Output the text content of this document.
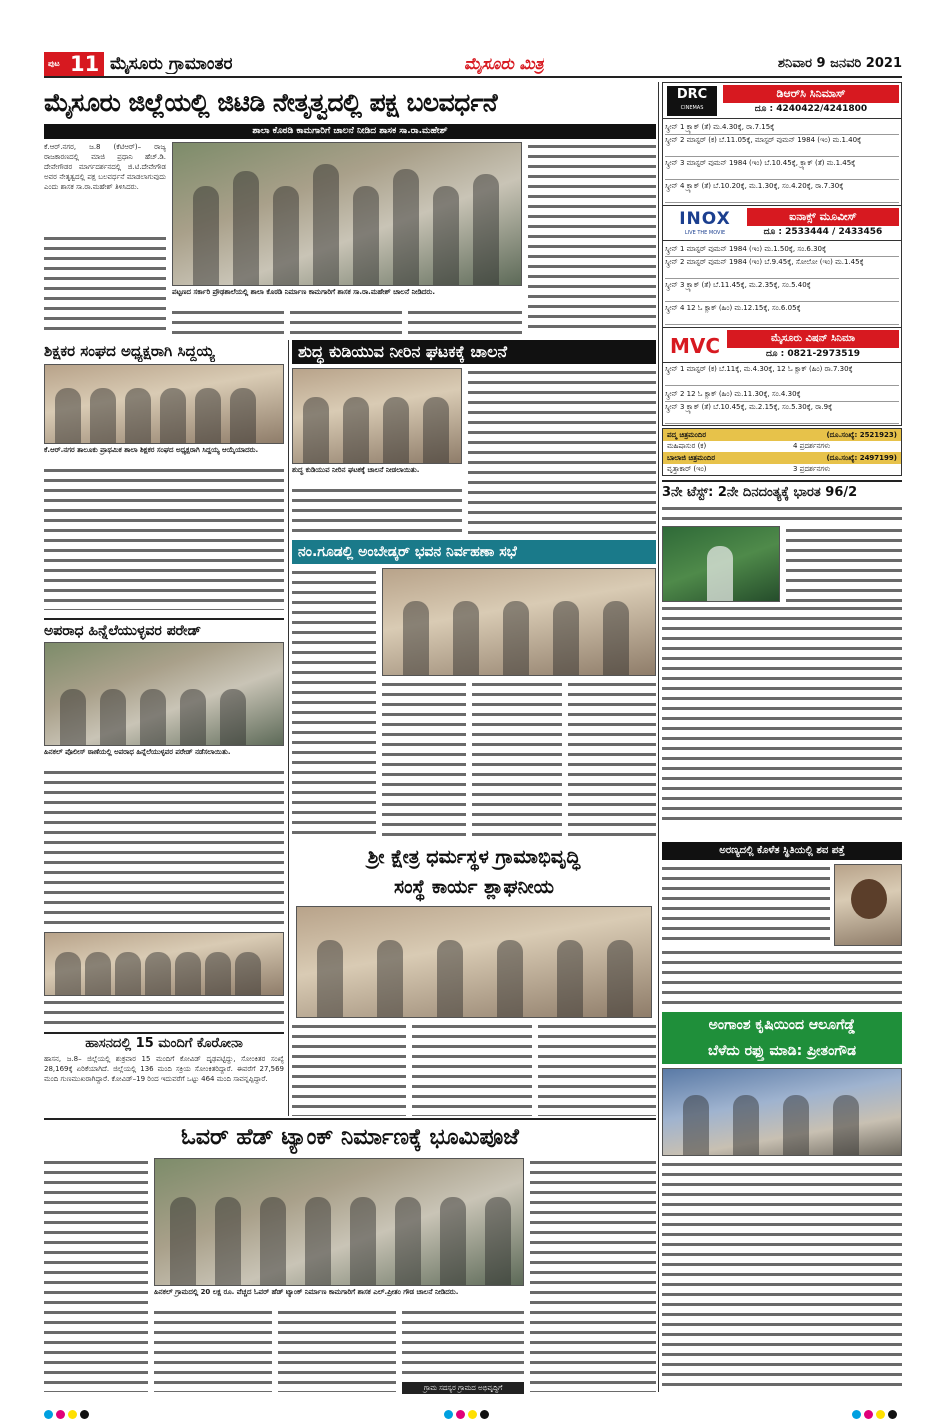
ಪುಟ 11 ಮೈಸೂರು ಗ್ರಾಮಾಂತರ	ಮೈಸೂರು ಮಿತ್ರ	ಶನಿವಾರ 9 ಜನವರಿ 2021
ಮೈಸೂರು ಜಿಲ್ಲೆಯಲ್ಲಿ ಜಿಟಿಡಿ ನೇತೃತ್ವದಲ್ಲಿ ಪಕ್ಷ ಬಲವರ್ಧನೆ
ಶಾಲಾ ಕೊಠಡಿ ಕಾಮಗಾರಿಗೆ ಚಾಲನೆ ನೀಡಿದ ಶಾಸಕ ಸಾ.ರಾ.ಮಹೇಶ್
ಕೆ.ಆರ್.ನಗರ, ಜ.8 (ಕೆಟಿಆರ್)– ರಾಜ್ಯ ರಾಜಕಾರಣದಲ್ಲಿ ಮಾಜಿ ಪ್ರಧಾನಿ ಹೆಚ್.ಡಿ. ದೇವೇಗೌಡರ ಮಾರ್ಗದರ್ಶನದಲ್ಲಿ ಜಿ.ಟಿ.ದೇವೇಗೌಡ ಅವರ ನೇತೃತ್ವದಲ್ಲಿ ಪಕ್ಷ ಬಲವರ್ಧನೆ ಮಾಡಲಾಗುವುದು ಎಂದು ಶಾಸಕ ಸಾ.ರಾ.ಮಹೇಶ್ ತಿಳಿಸಿದರು.
ಪಟ್ಟಣದ ಸರ್ಕಾರಿ ಪ್ರೌಢಶಾಲೆಯಲ್ಲಿ ಶಾಲಾ ಕೊಠಡಿ ನಿರ್ಮಾಣ ಕಾಮಗಾರಿಗೆ ಶಾಸಕ ಸಾ.ರಾ.ಮಹೇಶ್ ಚಾಲನೆ ನೀಡಿದರು.
ಶಿಕ್ಷಕರ ಸಂಘದ ಅಧ್ಯಕ್ಷರಾಗಿ ಸಿದ್ದಯ್ಯ
ಕೆ.ಆರ್.ನಗರ ತಾಲೂಕು ಪ್ರಾಥಮಿಕ ಶಾಲಾ ಶಿಕ್ಷಕರ ಸಂಘದ ಅಧ್ಯಕ್ಷರಾಗಿ ಸಿದ್ದಯ್ಯ ಆಯ್ಕೆಯಾದರು.
ಶುದ್ಧ ಕುಡಿಯುವ ನೀರಿನ ಘಟಕಕ್ಕೆ ಚಾಲನೆ
ಶುದ್ಧ ಕುಡಿಯುವ ನೀರಿನ ಘಟಕಕ್ಕೆ ಚಾಲನೆ ನೀಡಲಾಯಿತು.
ನಂ.ಗೂಡಲ್ಲಿ ಅಂಬೇಡ್ಕರ್ ಭವನ ನಿರ್ವಹಣಾ ಸಭೆ
ಅಪರಾಧ ಹಿನ್ನೆಲೆಯುಳ್ಳವರ ಪರೇಡ್
ಹಿನಕಲ್ ಪೊಲೀಸ್ ಠಾಣೆಯಲ್ಲಿ ಅಪರಾಧ ಹಿನ್ನೆಲೆಯುಳ್ಳವರ ಪರೇಡ್ ನಡೆಸಲಾಯಿತು.
ಶ್ರೀ ಕ್ಷೇತ್ರ ಧರ್ಮಸ್ಥಳ ಗ್ರಾಮಾಭಿವೃದ್ಧಿ
ಸಂಸ್ಥೆ ಕಾರ್ಯ ಶ್ಲಾಘನೀಯ
ಹಾಸನದಲ್ಲಿ 15 ಮಂದಿಗೆ ಕೊರೋನಾ
ಹಾಸನ, ಜ.8– ಜಿಲ್ಲೆಯಲ್ಲಿ ಶುಕ್ರವಾರ 15 ಮಂದಿಗೆ ಕೋವಿಡ್ ದೃಢಪಟ್ಟಿದ್ದು, ಸೋಂಕಿತರ ಸಂಖ್ಯೆ 28,169ಕ್ಕೆ ಏರಿಕೆಯಾಗಿದೆ. ಜಿಲ್ಲೆಯಲ್ಲಿ 136 ಮಂದಿ ಸಕ್ರಿಯ ಸೋಂಕಿತರಿದ್ದಾರೆ. ಈವರೆಗೆ 27,569 ಮಂದಿ ಗುಣಮುಖರಾಗಿದ್ದಾರೆ. ಕೋವಿಡ್–19 ರಿಂದ ಇದುವರೆಗೆ ಒಟ್ಟು 464 ಮಂದಿ ಸಾವನ್ನಪ್ಪಿದ್ದಾರೆ.
ಓವರ್ ಹೆಡ್ ಟ್ಯಾಂಕ್ ನಿರ್ಮಾಣಕ್ಕೆ ಭೂಮಿಪೂಜೆ
ಹಿನಕಲ್ ಗ್ರಾಮದಲ್ಲಿ 20 ಲಕ್ಷ ರೂ. ವೆಚ್ಚದ ಓವರ್ ಹೆಡ್ ಟ್ಯಾಂಕ್ ನಿರ್ಮಾಣ ಕಾಮಗಾರಿಗೆ ಶಾಸಕ ಎಲ್.ಪ್ರೀತಂ ಗೌಡ ಚಾಲನೆ ನೀಡಿದರು.
ಗ್ರಾಮ ಸದಸ್ಯರ ಗ್ರಾಮದ ಅಭಿವೃದ್ಧಿಗೆ
DRC
CINEMAS
ಡಿಆರ್‌ಸಿ ಸಿನಿಮಾಸ್
ದೂ : 4240422/4241800
ಸ್ಕ್ರೀನ್ 1 ಕ್ರ್ಯಾಕ್ (ತೆ) ಮ.4.30ಕ್ಕೆ, ರಾ.7.15ಕ್ಕೆ
ಸ್ಕ್ರೀನ್ 2 ಮಾಸ್ಟರ್ (ಕ) ಬೆ.11.05ಕ್ಕೆ, ಮಾಸ್ಟರ್ ವುಮನ್ 1984 (ಇಂ) ಮ.1.40ಕ್ಕೆ
ಸ್ಕ್ರೀನ್ 3 ಮಾಸ್ಟರ್ ವುಮನ್ 1984 (ಇಂ) ಬೆ.10.45ಕ್ಕೆ, ಕ್ರ್ಯಾಕ್ (ತೆ) ಮ.1.45ಕ್ಕೆ
ಸ್ಕ್ರೀನ್ 4 ಕ್ರ್ಯಾಕ್ (ತೆ) ಬೆ.10.20ಕ್ಕೆ, ಮ.1.30ಕ್ಕೆ, ಸಂ.4.20ಕ್ಕೆ, ರಾ.7.30ಕ್ಕೆ
INOX
LIVE THE MOVIE
ಐನಾಕ್ಸ್ ಮೂವೀಸ್
ದೂ : 2533444 / 2433456
ಸ್ಕ್ರೀನ್ 1 ಮಾಸ್ಟರ್ ವುಮನ್ 1984 (ಇಂ) ಮ.1.50ಕ್ಕೆ, ಸಂ.6.30ಕ್ಕೆ
ಸ್ಕ್ರೀನ್ 2 ಮಾಸ್ಟರ್ ವುಮನ್ 1984 (ಇಂ) ಬೆ.9.45ಕ್ಕೆ, ಸೋಲೋ (ಇಂ) ಮ.1.45ಕ್ಕೆ
ಸ್ಕ್ರೀನ್ 3 ಕ್ರ್ಯಾಕ್ (ತೆ) ಬೆ.11.45ಕ್ಕೆ, ಮ.2.35ಕ್ಕೆ, ಸಂ.5.40ಕ್ಕೆ
ಸ್ಕ್ರೀನ್ 4 12 ಓ ಕ್ಲಾಕ್ (ಹಿಂ) ಮ.12.15ಕ್ಕೆ, ಸಂ.6.05ಕ್ಕೆ
MVC	ಮೈಸೂರು ವಿಷನ್ ಸಿನಿಮಾ
ದೂ : 0821-2973519
ಸ್ಕ್ರೀನ್ 1 ಮಾಸ್ಟರ್ (ಕ) ಬೆ.11ಕ್ಕೆ, ಮ.4.30ಕ್ಕೆ, 12 ಓ ಕ್ಲಾಕ್ (ಹಿಂ) ರಾ.7.30ಕ್ಕೆ
ಸ್ಕ್ರೀನ್ 2 12 ಓ ಕ್ಲಾಕ್ (ಹಿಂ) ಮ.11.30ಕ್ಕೆ, ಸಂ.4.30ಕ್ಕೆ
ಸ್ಕ್ರೀನ್ 3 ಕ್ರ್ಯಾಕ್ (ತೆ) ಬೆ.10.45ಕ್ಕೆ, ಮ.2.15ಕ್ಕೆ, ಸಂ.5.30ಕ್ಕೆ, ರಾ.9ಕ್ಕೆ
ಪದ್ಮ ಚಿತ್ರಮಂದಿರ	(ದೂ.ಸಂಖ್ಯೆ: 2521923)
ಮಹಿಷಾಸುರ (ಕ)	4 ಪ್ರದರ್ಶನಗಳು
ಬಾಲಾಜಿ ಚಿತ್ರಮಂದಿರ	(ದೂ.ಸಂಖ್ಯೆ: 2497199)
ವೃತ್ತಾಕಾರ್ (ಇಂ)	3 ಪ್ರದರ್ಶನಗಳು
3ನೇ ಟೆಸ್ಟ್: 2ನೇ ದಿನದಂತ್ಯಕ್ಕೆ ಭಾರತ 96/2
ಅರಣ್ಯದಲ್ಲಿ ಕೊಳೆತ ಸ್ಥಿತಿಯಲ್ಲಿ ಶವ ಪತ್ತೆ
ಅಂಗಾಂಶ ಕೃಷಿಯಿಂದ ಆಲೂಗೆಡ್ಡೆ
ಬೆಳೆದು ರಫ್ತು ಮಾಡಿ: ಪ್ರೀತಂಗೌಡ
